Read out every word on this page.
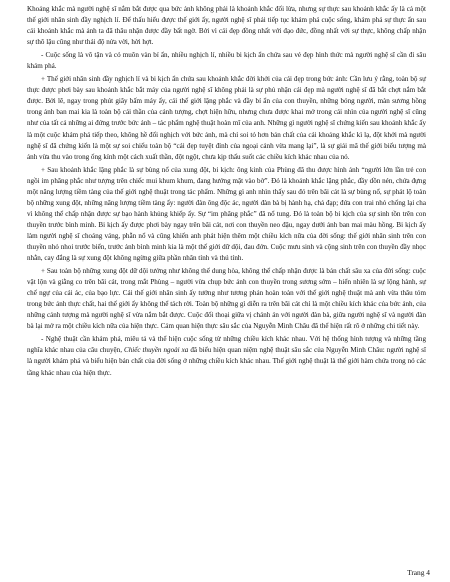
Khoảng khắc mà người nghệ sĩ nắm bắt được qua bức ảnh không phải là khoảnh khắc đối lừa, nhưng sự thực sau khoảnh khắc ấy là cả một thế giới nhân sinh đầy nghịch lí. Để thấu hiểu được thế giới ấy, người nghệ sĩ phải tiếp tục khám phá cuộc sống, khám phá sự thực ẩn sau cái khoảnh khắc mà ảnh ta đã thâu nhận được đầy bất ngờ. Bởi vì cái đẹp đồng nhất với đạo đức, đồng nhất với sự thực, không chấp nhận sự thô lậu cũng như thái độ nửa vời, hời hợt.

- Cuộc sống là vô tận và có muôn vàn bí ẩn, nhiều nghịch lí, nhiều bi kịch ẩn chứa sau vẻ đẹp hình thức mà người nghệ sĩ cần đi sâu khám phá.

+ Thế giới nhân sinh đầy nghịch lí và bi kịch ẩn chứa sau khoảnh khắc đời khởi của cái đẹp trong bức ảnh: Cần lưu ý rằng, toàn bộ sự thực được phơi bày sau khoảnh khắc bắt máy của người nghệ sĩ không phải là sự phủ nhận cái đẹp mà người nghệ sĩ đã bắt chợt nắm bắt được. Bởi lẽ, ngay trong phút giây bấm máy ấy, cái thế giới lặng phắc và đầy bí ẩn của con thuyền, những bóng người, màn sương hồng trong ảnh ban mai kia là toàn bộ cái thần của cảnh tượng, chợt hiện hữu, nhưng chưa được khai mở trong cái nhìn của người nghệ sĩ cũng như của tất cả những ai đứng trước bức ảnh – tác phẩm nghệ thuật hoàn mĩ của anh. Những gì người nghệ sĩ chứng kiến sau khoảnh khắc ấy là một cuộc khám phá tiếp theo, không hề đối nghịch với bức ảnh, mà chỉ soi tỏ hơn bản chất của cái khoảng khắc kì lạ, đột khởi mà người nghệ sĩ đã chứng kiến là một sự soi chiếu toàn bộ “cái đẹp tuyệt đỉnh của ngoại cảnh vừa mang lại”, là sự giải mã thế giới biểu tượng mà ảnh vừa thu vào trong ống kính một cách xuất thần, đột ngột, chưa kịp thấu suốt các chiều kích khác nhau của nó.

+ Sau khoảnh khắc lặng phắc là sự bùng nổ của xung đột, bi kịch: ông kinh của Phùng đã thu được hình ảnh “người lớn lần trẻ con ngồi im phăng phắc như tượng trên chiếc mui khum khum, đang hướng mặt vào bờ”. Đó là khoảnh khắc lặng phắc, đầy dồn nén, chứa đựng một năng lượng tiềm tàng của thế giới nghệ thuật trong tác phẩm. Những gì anh nhìn thấy sau đó trên bãi cát là sự bùng nổ, sự phát lộ toàn bộ những xung đột, những năng lượng tiềm tàng ấy: người đàn ông độc ác, người đàn bà bị hành hạ, chả đạp; đứa con trai nhỏ chống lại cha vì không thể chấp nhận được sự bạo hành khủng khiếp ấy. Sự “im phăng phắc” đã nổ tung. Đó là toàn bộ bi kịch của sự sinh tồn trên con thuyền trước bình minh. Bi kịch ấy được phơi bày ngay trên bãi cát, nơi con thuyền neo đậu, ngay dưới ảnh ban mai màu hồng. Bi kịch ấy làm người nghệ sĩ choáng váng, phẫn nổ và cũng khiến anh phát hiện thêm một chiều kích nữa của đời sống: thế giới nhân sinh trên con thuyền nhỏ nhoi trước biển, trước ảnh bình minh kia là một thế giới dữ dội, đau đớn. Cuộc mưu sinh và cộng sinh trên con thuyền đầy nhọc nhằn, cay đắng là sự xung đột không ngừng giữa phần nhân tính và thú tính.

+ Sau toàn bộ những xung đột dữ dội tưởng như không thể dung hòa, không thể chấp nhận được là bản chất sâu xa của đời sống: cuộc vật lộn và giằng co trên bãi cát, trong mắt Phùng – người vừa chụp bức ảnh con thuyền trong sương sớm – hiển nhiên là sự lộng hành, sự chế ngự của cái ác, của bạo lực. Cái thế giới nhân sinh ấy tưởng như tương phản hoàn toàn với thế giới nghệ thuật mà anh vừa thâu tóm trong bức ảnh thực chất, hai thế giới ấy không thể tách rời. Toàn bộ những gì diễn ra trên bãi cát chỉ là một chiều kích khác của bức ảnh, của những cảnh tượng mà người nghệ sĩ vừa nắm bắt được. Cuộc đối thoại giữa vị chánh án với người đàn bà, giữa người nghệ sĩ và người đàn bà lại mở ra một chiều kích nữa của hiện thực. Cảm quan hiện thực sâu sắc của Nguyễn Minh Châu đã thể hiện rất rõ ở những chi tiết này.

- Nghệ thuật cần khám phá, miêu tả và thể hiện cuộc sống từ những chiều kích khác nhau. Với hệ thống hình tượng và những tầng nghĩa khác nhau của câu chuyện, Chiếc thuyền ngoài xa đã biểu hiện quan niệm nghệ thuật sâu sắc của Nguyễn Minh Châu: người nghệ sĩ là người khám phá và biểu hiện bản chất của đời sống ở những chiều kích khác nhau. Thế giới nghệ thuật là thế giới hàm chứa trong nó các tầng khác nhau của hiện thực.

Trang 4
